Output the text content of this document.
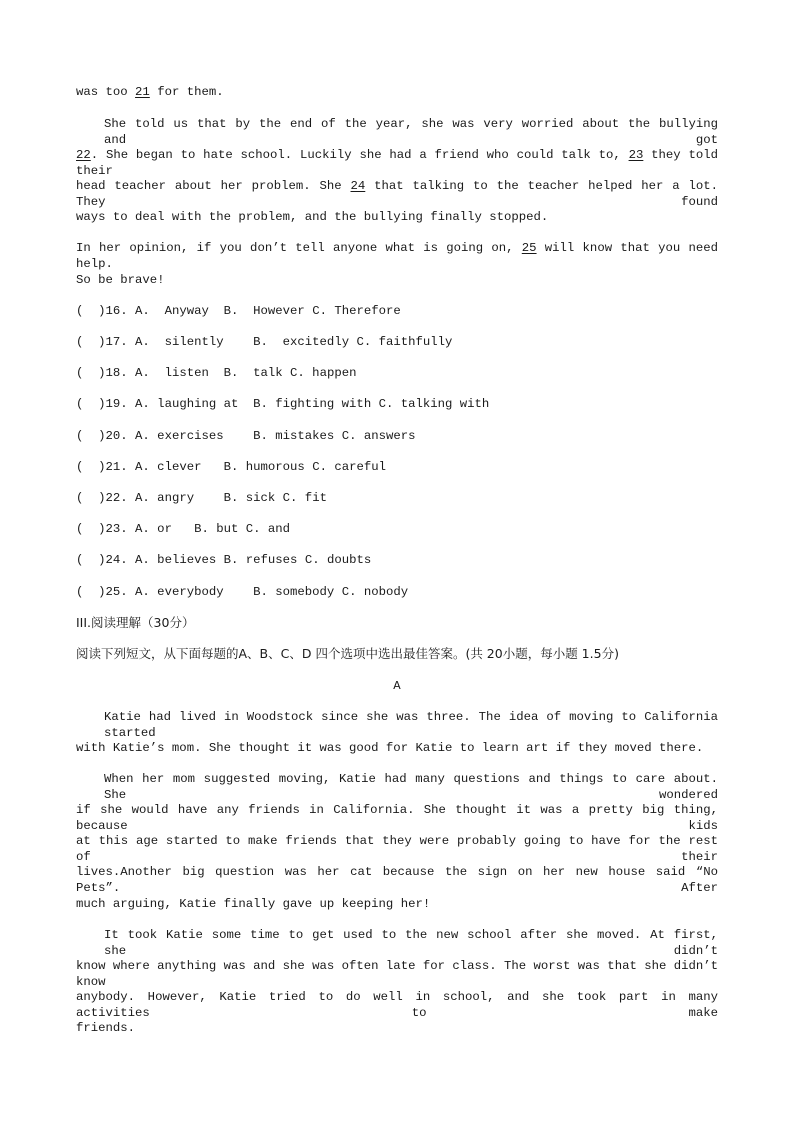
was too 21 for them.
She told us that by the end of the year, she was very worried about the bullying and got
22. She began to hate school. Luckily she had a friend who could talk to, 23 they told their
head teacher about her problem. She 24 that talking to the teacher helped her a lot. They found
ways to deal with the problem, and the bullying finally stopped.
In her opinion, if you don’t tell anyone what is going on, 25 will know that you need help.
So be brave!
(  )16. A.  Anyway B.  However C. Therefore
(  )17. A.  silently B.  excitedly C. faithfully
(  )18. A.  listen B.  talk C. happen
(  )19. A. laughing at B. fighting with C. talking with
(  )20. A. exercises B. mistakes C. answers
(  )21. A. clever B. humorous C. careful
(  )22. A. angry B. sick C. fit
(  )23. A. or B. but C. and
(  )24. A. believes B. refuses C. doubts
(  )25. A. everybody B. somebody C. nobody
III.阅读理解（30分）
阅读下列短文，从下面每题的A、B、C、D 四个选项中选出最佳答案。(共 20小题，每小题 1.5分)
A
Katie had lived in Woodstock since she was three. The idea of moving to California started
with Katie’s mom. She thought it was good for Katie to learn art if they moved there.
When her mom suggested moving, Katie had many questions and things to care about. She wondered
if she would have any friends in California. She thought it was a pretty big thing, because kids
at this age started to make friends that they were probably going to have for the rest of their
lives.Another big question was her cat because the sign on her new house said “No Pets”. After
much arguing, Katie finally gave up keeping her!
It took Katie some time to get used to the new school after she moved. At first, she didn’t
know where anything was and she was often late for class. The worst was that she didn’t know
anybody. However, Katie tried to do well in school, and she took part in many activities to make
friends.
